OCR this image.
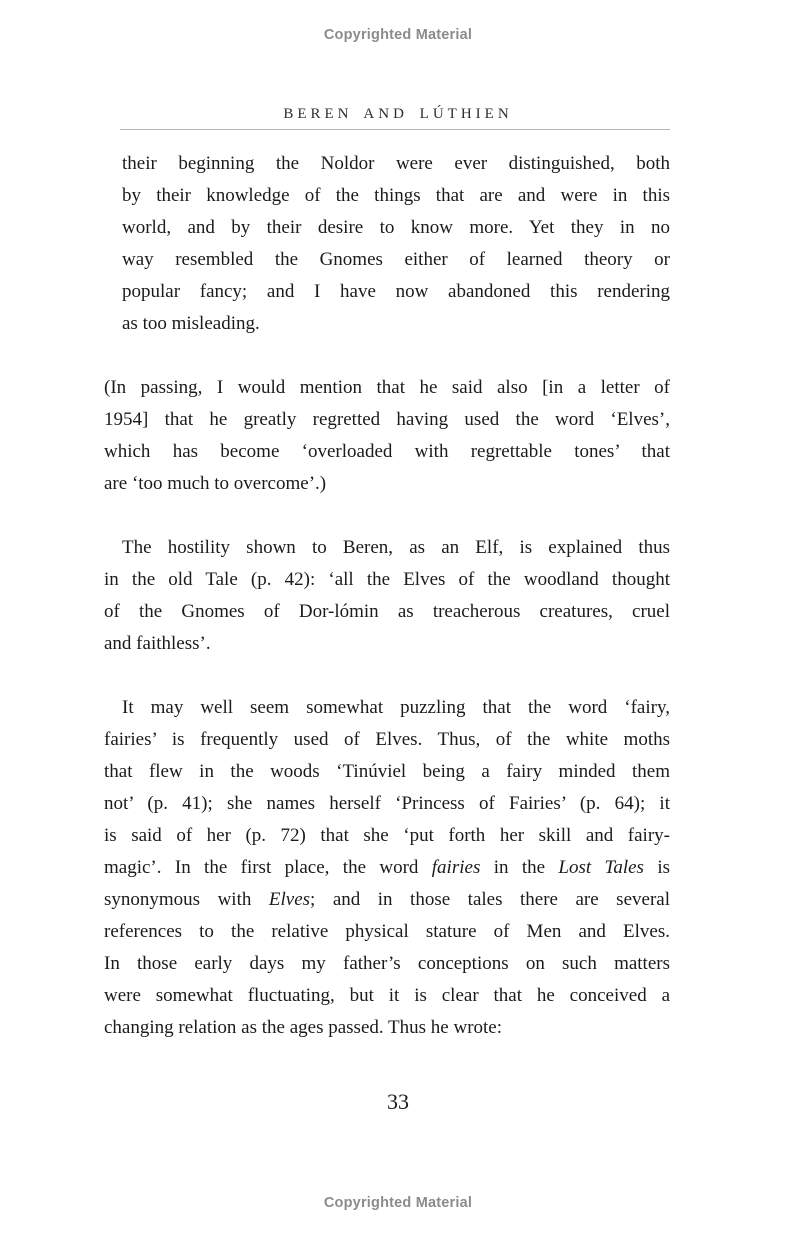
Copyrighted Material
BEREN AND LÚTHIEN
their beginning the Noldor were ever distinguished, both
by their knowledge of the things that are and were in this
world, and by their desire to know more. Yet they in no
way resembled the Gnomes either of learned theory or
popular fancy; and I have now abandoned this rendering
as too misleading.
(In passing, I would mention that he said also [in a letter of
1954] that he greatly regretted having used the word ‘Elves’,
which has become ‘overloaded with regrettable tones’ that
are ‘too much to overcome’.)
The hostility shown to Beren, as an Elf, is explained thus
in the old Tale (p. 42): ‘all the Elves of the woodland thought
of the Gnomes of Dor-lómin as treacherous creatures, cruel
and faithless’.
It may well seem somewhat puzzling that the word ‘fairy,
fairies’ is frequently used of Elves. Thus, of the white moths
that flew in the woods ‘Tinúviel being a fairy minded them
not’ (p. 41); she names herself ‘Princess of Fairies’ (p. 64); it
is said of her (p. 72) that she ‘put forth her skill and fairy-
magic’. In the first place, the word fairies in the Lost Tales is
synonymous with Elves; and in those tales there are several
references to the relative physical stature of Men and Elves.
In those early days my father’s conceptions on such matters
were somewhat fluctuating, but it is clear that he conceived a
changing relation as the ages passed. Thus he wrote:
33
Copyrighted Material
